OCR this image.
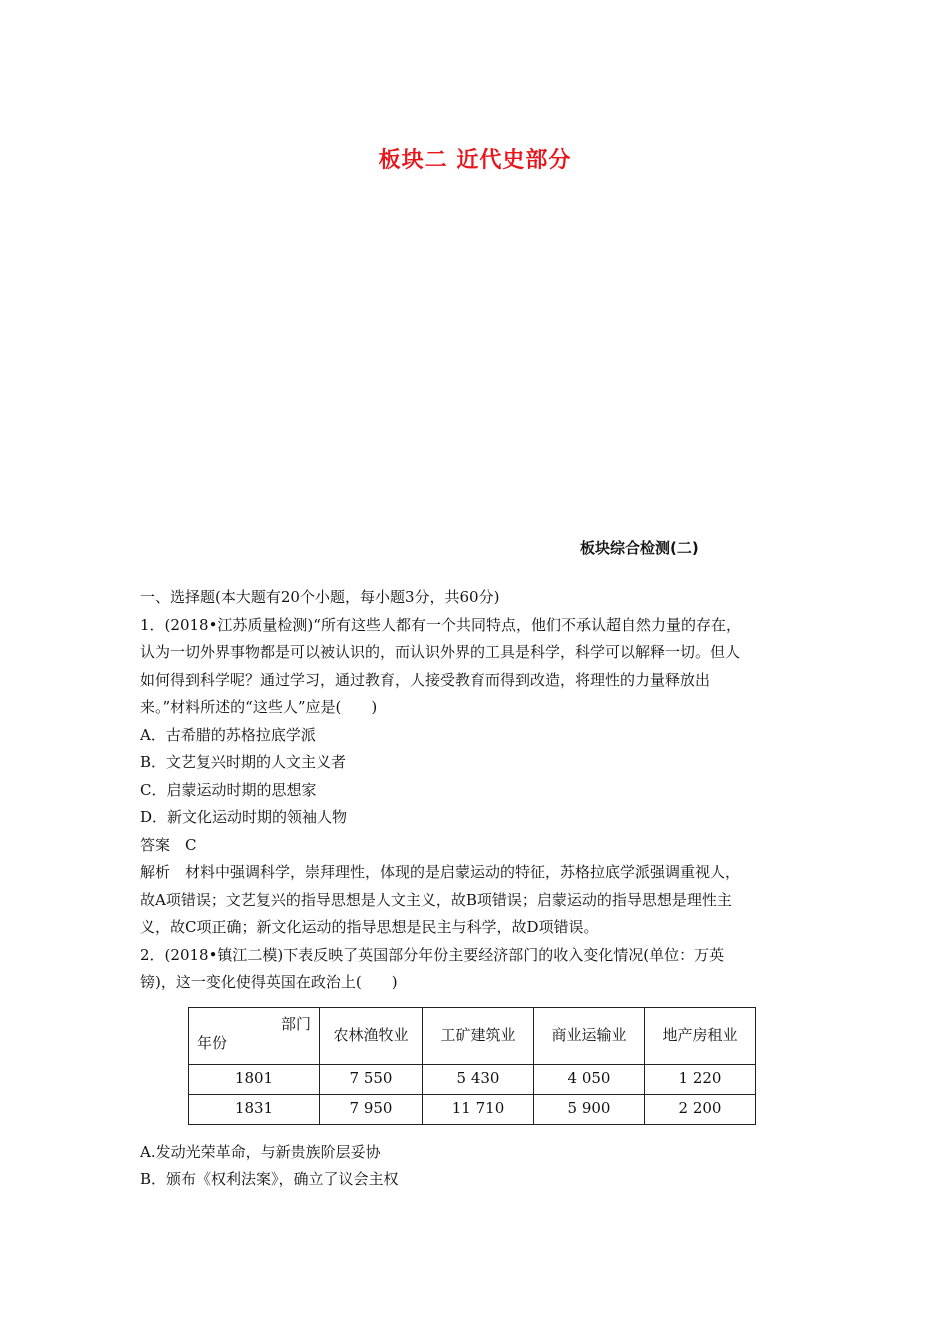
板块二 近代史部分
板块综合检测(二)

一、选择题(本大题有20个小题，每小题3分，共60分)

1．(2018•江苏质量检测)“所有这些人都有一个共同特点，他们不承认超自然力量的存在，

认为一切外界事物都是可以被认识的，而认识外界的工具是科学，科学可以解释一切。但人

如何得到科学呢？通过学习，通过教育，人接受教育而得到改造，将理性的力量释放出

来。”材料所述的“这些人”应是(　　)

A．古希腊的苏格拉底学派

B．文艺复兴时期的人文主义者

C．启蒙运动时期的思想家

D．新文化运动时期的领袖人物

答案　C

解析　材料中强调科学，崇拜理性，体现的是启蒙运动的特征，苏格拉底学派强调重视人，

故A项错误；文艺复兴的指导思想是人文主义，故B项错误；启蒙运动的指导思想是理性主

义，故C项正确；新文化运动的指导思想是民主与科学，故D项错误。

2．(2018•镇江二模)下表反映了英国部分年份主要经济部门的收入变化情况(单位：万英

镑)，这一变化使得英国在政治上(　　)

部门
年份	农林渔牧业	工矿建筑业	商业运输业	地产房租业
1801	7 550	5 430	4 050	1 220
1831	7 950	11 710	5 900	2 200

A.发动光荣革命，与新贵族阶层妥协

B．颁布《权利法案》，确立了议会主权
